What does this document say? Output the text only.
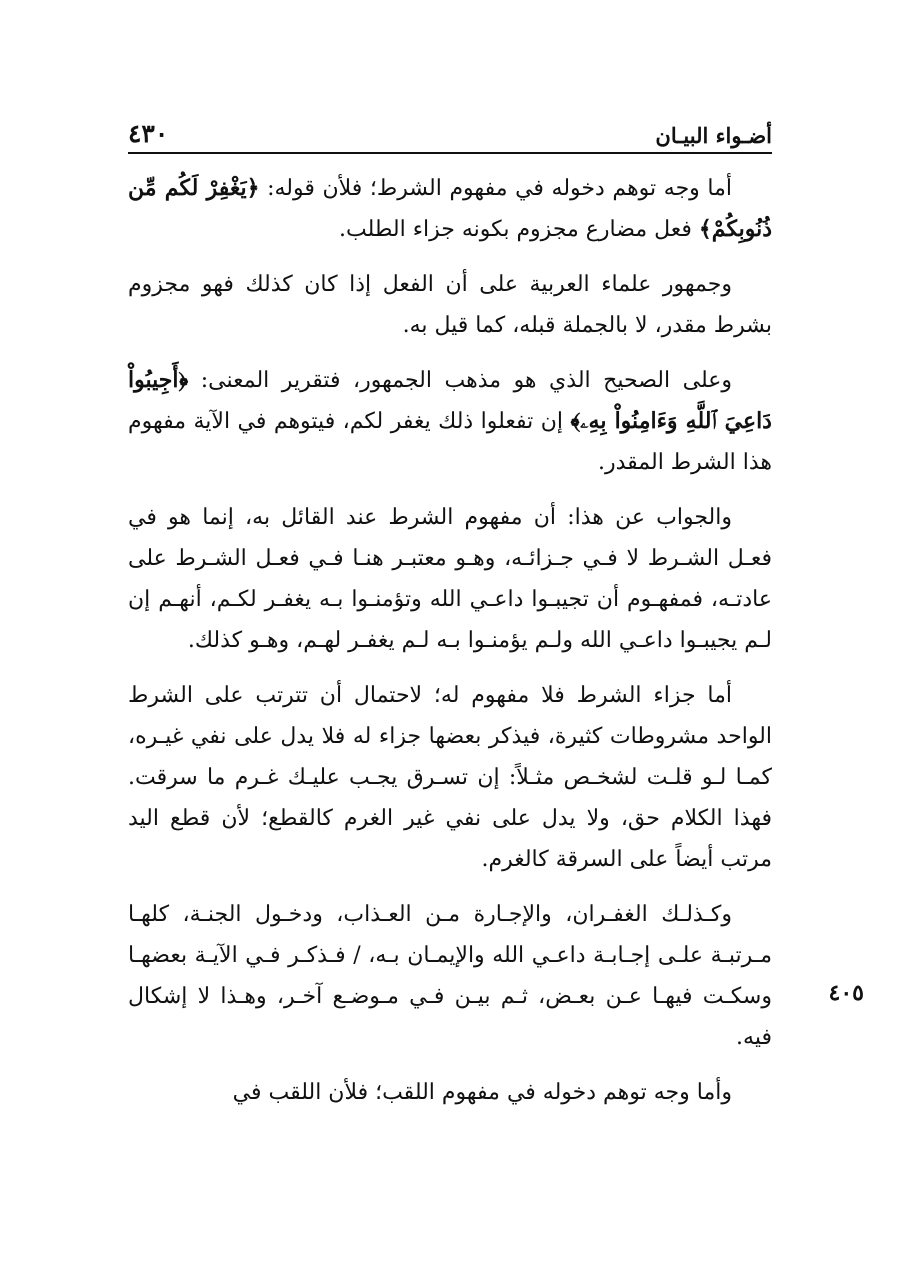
أضـواء البيـان
٤٣٠

أما وجه توهم دخوله في مفهوم الشرط؛ فلأن قوله: ﴿يَغْفِرْ لَكُم مِّن ذُنُوبِكُمْ﴾ فعل مضارع مجزوم بكونه جزاء الطلب.

وجمهور علماء العربية على أن الفعل إذا كان كذلك فهو مجزوم بشرط مقدر، لا بالجملة قبله، كما قيل به.

وعلى الصحيح الذي هو مذهب الجمهور، فتقرير المعنى: ﴿أَجِيبُواْ دَاعِيَ ٱللَّهِ وَءَامِنُواْ بِهِۦ﴾ إن تفعلوا ذلك يغفر لكم، فيتوهم في الآية مفهوم هذا الشرط المقدر.

والجواب عن هذا: أن مفهوم الشرط عند القائل به، إنما هو في فعـل الشـرط لا فـي جـزائـه، وهـو معتبـر هنـا فـي فعـل الشـرط على عادتـه، فمفهـوم أن تجيبـوا داعـي الله وتؤمنـوا بـه يغفـر لكـم، أنهـم إن لـم يجيبـوا داعـي الله ولـم يؤمنـوا بـه لـم يغفـر لهـم، وهـو كذلك.

أما جزاء الشرط فلا مفهوم له؛ لاحتمال أن تترتب على الشرط الواحد مشروطات كثيرة، فيذكر بعضها جزاء له فلا يدل على نفي غيـره، كمـا لـو قلـت لشخـص مثـلاً: إن تسـرق يجـب عليـك غـرم ما سرقت. فهذا الكلام حق، ولا يدل على نفي غير الغرم كالقطع؛ لأن قطع اليد مرتب أيضاً على السرقة كالغرم.

وكـذلـك الغفـران، والإجـارة مـن العـذاب، ودخـول الجنـة، كلهـا مـرتبـة علـى إجـابـة داعـي الله والإيمـان بـه، / فـذكـر فـي الآيـة بعضهـا وسكـت فيهـا عـن بعـض، ثـم بيـن فـي مـوضـع آخـر، وهـذا لا إشكال فيه.

وأما وجه توهم دخوله في مفهوم اللقب؛ فلأن اللقب في

٤٠٥
